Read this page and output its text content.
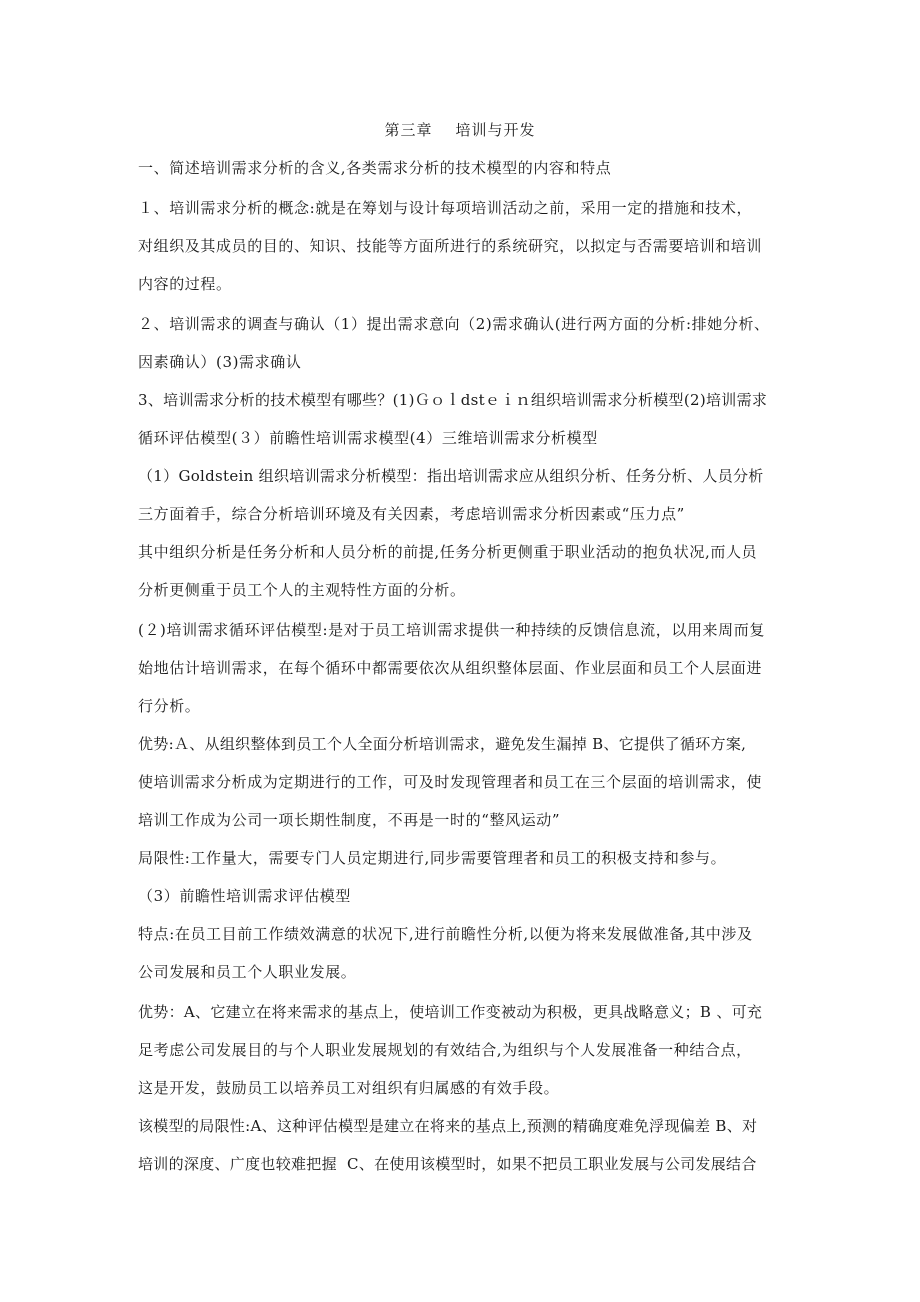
第三章    培训与开发
一、简述培训需求分析的含义,各类需求分析的技术模型的内容和特点
１、培训需求分析的概念:就是在筹划与设计每项培训活动之前，采用一定的措施和技术，
对组织及其成员的目的、知识、技能等方面所进行的系统研究，以拟定与否需要培训和培训
内容的过程。
２、培训需求的调查与确认（1）提出需求意向（2)需求确认(进行两方面的分析:排她分析、
因素确认）(3)需求确认
3、培训需求分析的技术模型有哪些？(1)Ｇｏｌdstｅｉｎ组织培训需求分析模型(2)培训需求
循环评估模型(３）前瞻性培训需求模型(4）三维培训需求分析模型
（1）Goldstein 组织培训需求分析模型：指出培训需求应从组织分析、任务分析、人员分析
三方面着手，综合分析培训环境及有关因素，考虑培训需求分析因素或“压力点”
其中组织分析是任务分析和人员分析的前提,任务分析更侧重于职业活动的抱负状况,而人员
分析更侧重于员工个人的主观特性方面的分析。
(２)培训需求循环评估模型:是对于员工培训需求提供一种持续的反馈信息流，以用来周而复
始地估计培训需求，在每个循环中都需要依次从组织整体层面、作业层面和员工个人层面进
行分析。
优势:Ａ、从组织整体到员工个人全面分析培训需求，避免发生漏掉 B、它提供了循环方案,
使培训需求分析成为定期进行的工作，可及时发现管理者和员工在三个层面的培训需求，使
培训工作成为公司一项长期性制度，不再是一时的“整风运动”
局限性:工作量大，需要专门人员定期进行,同步需要管理者和员工的积极支持和参与。
（3）前瞻性培训需求评估模型
特点:在员工目前工作绩效满意的状况下,进行前瞻性分析,以便为将来发展做准备,其中涉及
公司发展和员工个人职业发展。
优势：A、它建立在将来需求的基点上，使培训工作变被动为积极，更具战略意义；B 、可充
足考虑公司发展目的与个人职业发展规划的有效结合,为组织与个人发展准备一种结合点，
这是开发，鼓励员工以培养员工对组织有归属感的有效手段。
该模型的局限性:A、这种评估模型是建立在将来的基点上,预测的精确度难免浮现偏差 B、对
培训的深度、广度也较难把握  C、在使用该模型时，如果不把员工职业发展与公司发展结合
